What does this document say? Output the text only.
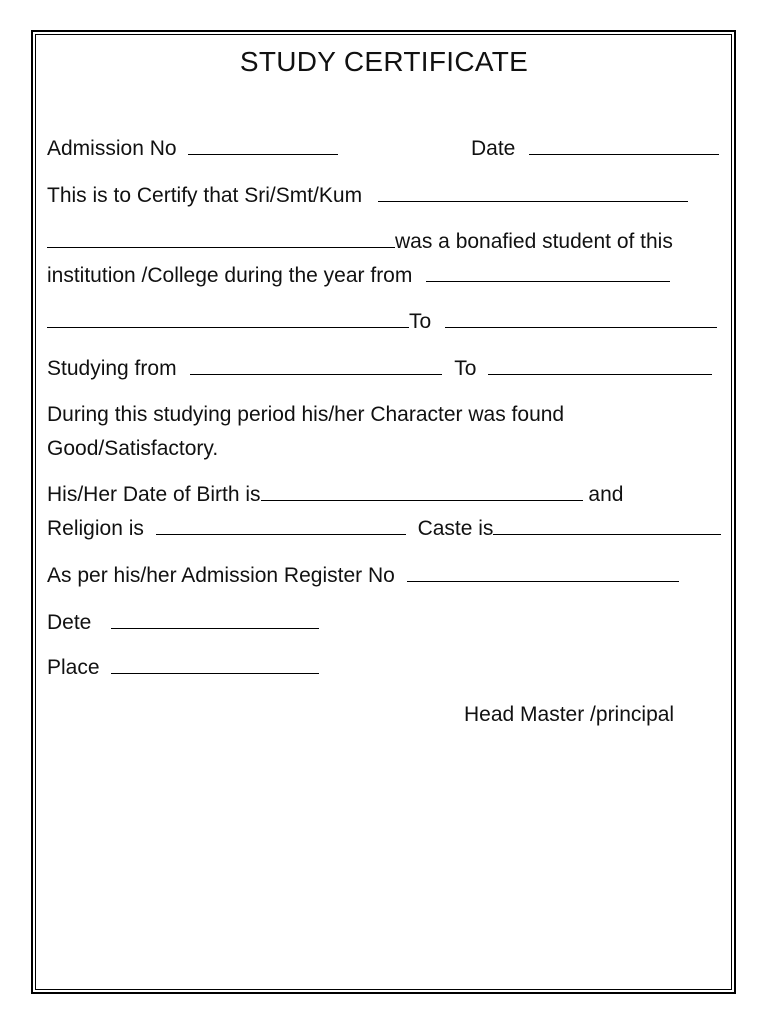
STUDY CERTIFICATE
Admission No	Date
This is to Certify that Sri/Smt/Kum
was a bonafied student of this
institution /College during the year from
To
Studying from	To
During this studying period his/her Character was found
Good/Satisfactory.
His/Her Date of Birth is	and
Religion is	Caste is
As per his/her Admission Register No
Dete
Place
Head Master /principal
